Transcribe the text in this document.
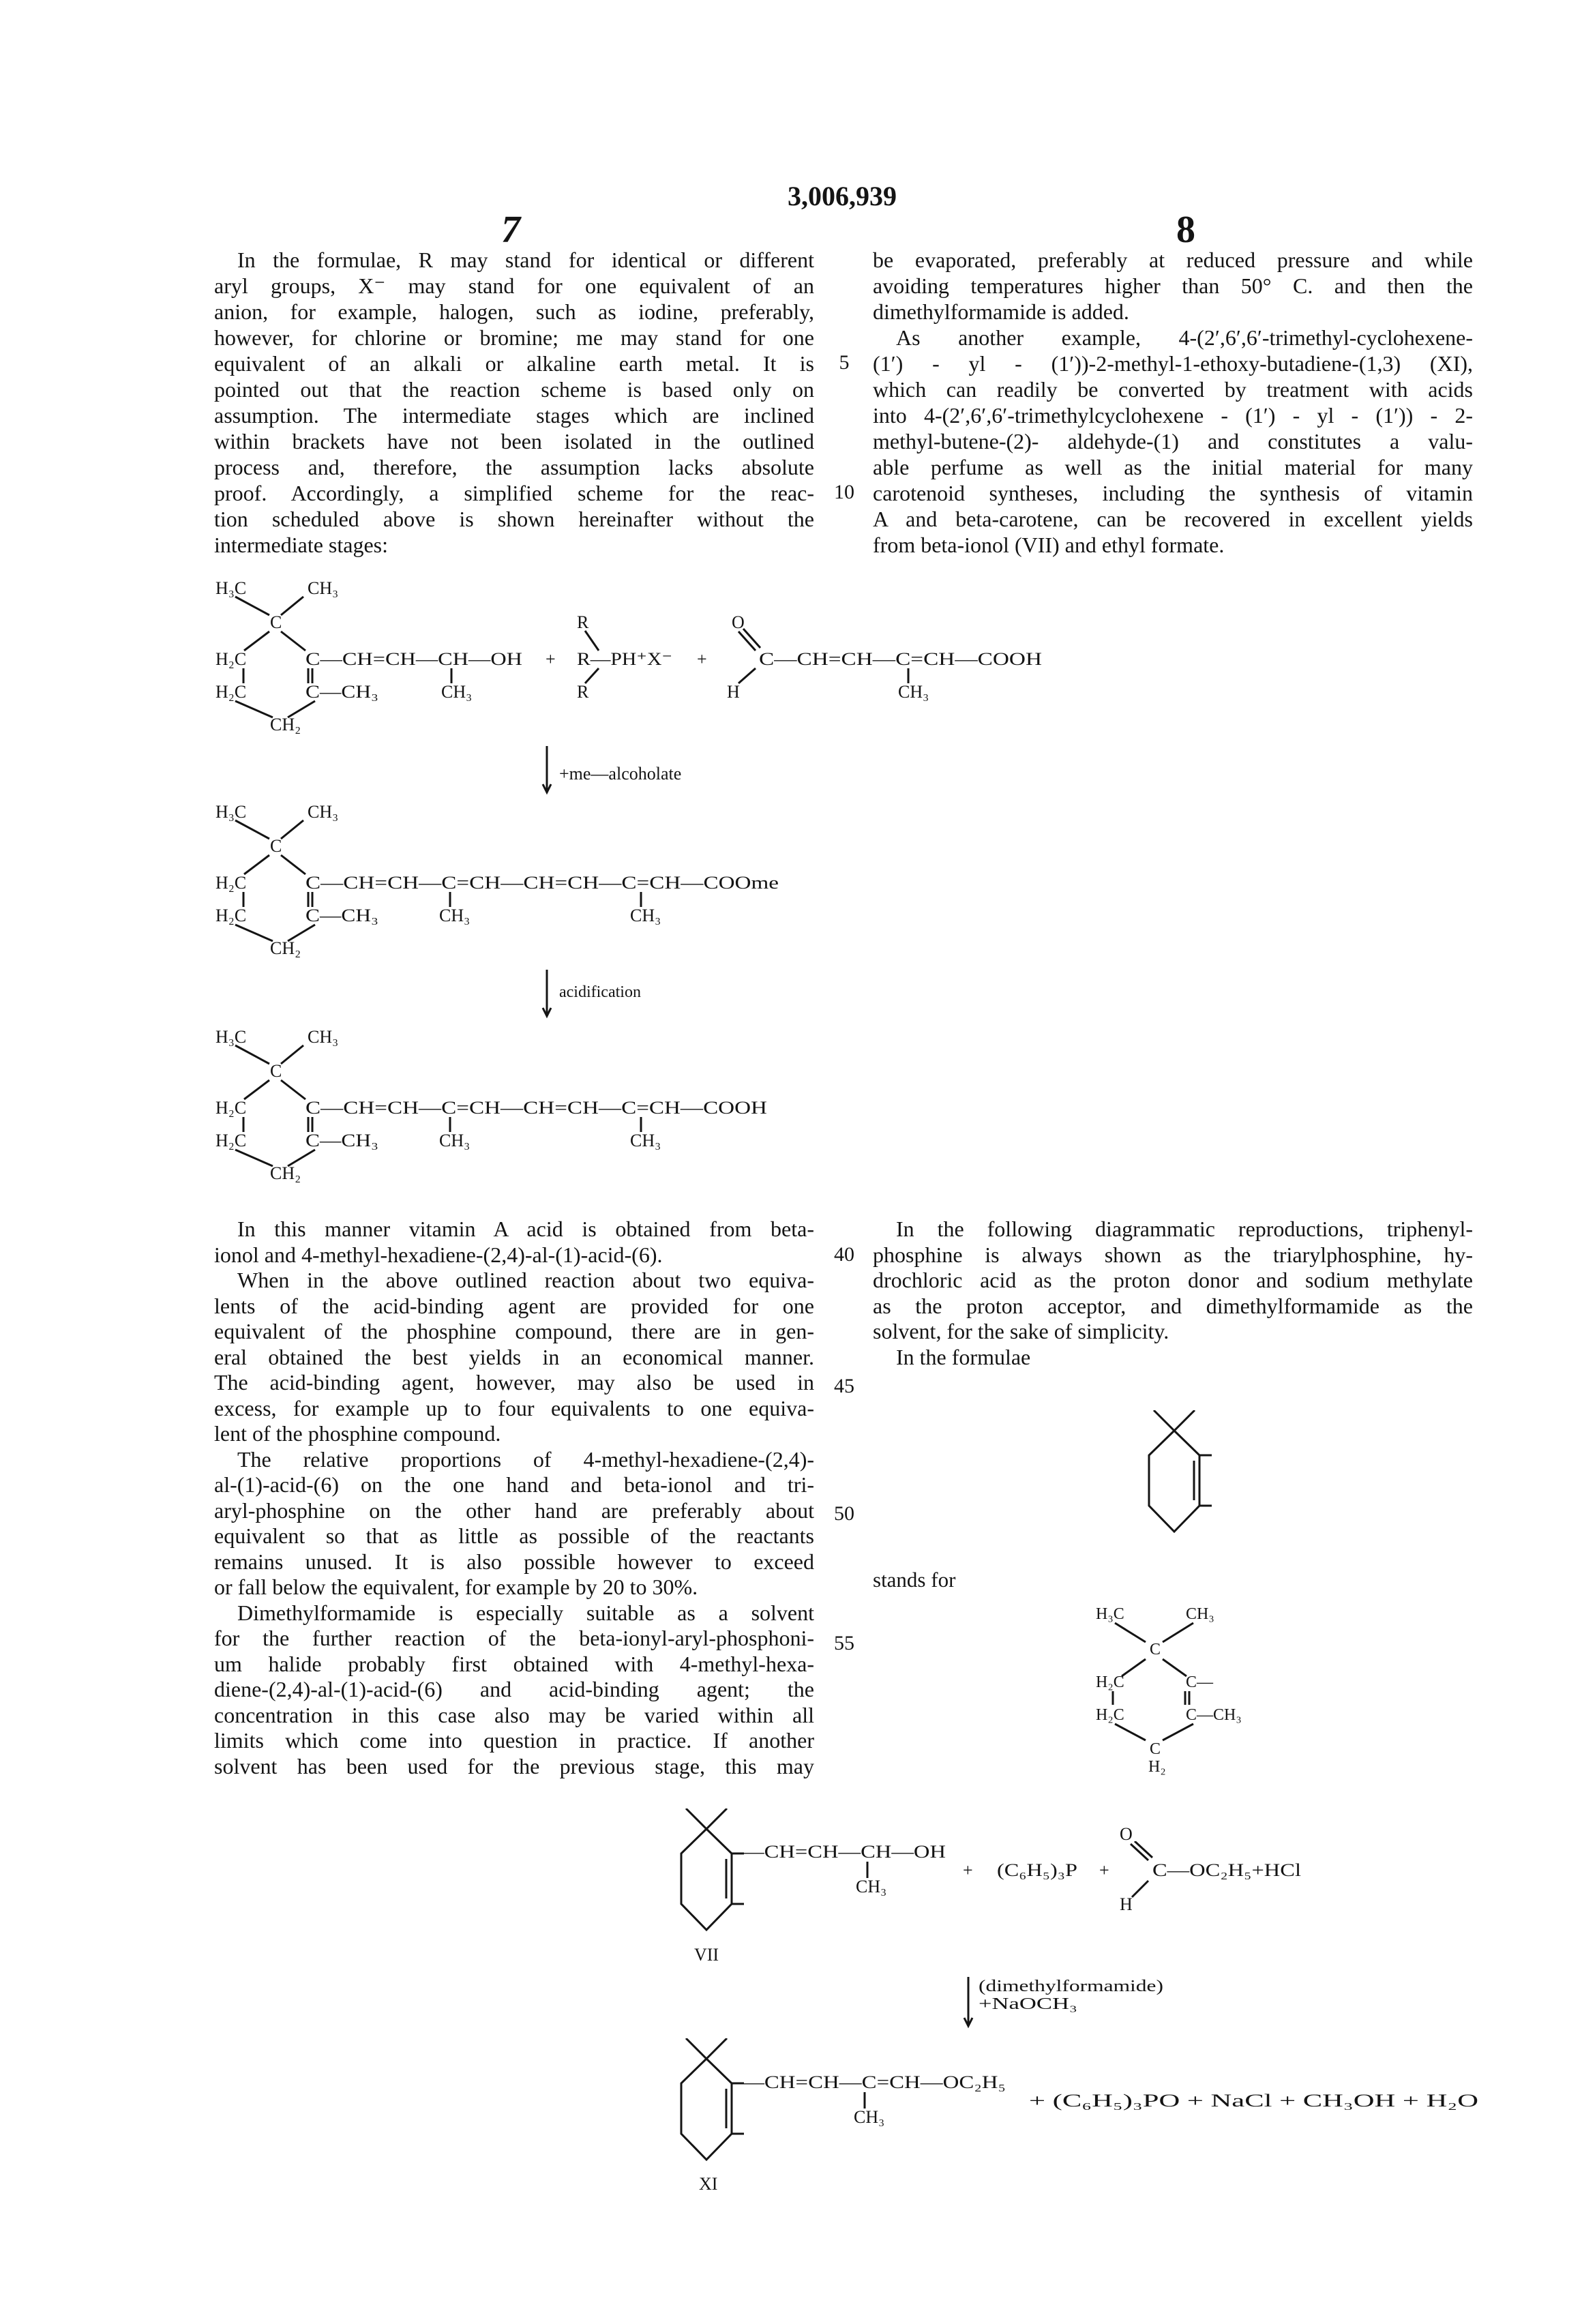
3,006,939
7	8
In the formulae, R may stand for identical or different
aryl groups, X⁻ may stand for one equivalent of an
anion, for example, halogen, such as iodine, preferably,
however, for chlorine or bromine; me may stand for one
equivalent of an alkali or alkaline earth metal. It is
pointed out that the reaction scheme is based only on
assumption. The intermediate stages which are inclined
within brackets have not been isolated in the outlined
process and, therefore, the assumption lacks absolute
proof. Accordingly, a simplified scheme for the reac-
tion scheduled above is shown hereinafter without the
intermediate stages:
be evaporated, preferably at reduced pressure and while
avoiding temperatures higher than 50° C. and then the
dimethylformamide is added.
As another example, 4-(2′,6′,6′-trimethyl-cyclohexene-
(1′) - yl - (1′))-2-methyl-1-ethoxy-butadiene-(1,3) (XI),
which can readily be converted by treatment with acids
into 4-(2′,6′,6′-trimethylcyclohexene - (1′) - yl - (1′)) - 2-
methyl-butene-(2)- aldehyde-(1) and constitutes a valu-
able perfume as well as the initial material for many
carotenoid syntheses, including the synthesis of vitamin
A and beta-carotene, can be recovered in excellent yields
from beta-ionol (VII) and ethyl formate.
In this manner vitamin A acid is obtained from beta-
ionol and 4-methyl-hexadiene-(2,4)-al-(1)-acid-(6).
When in the above outlined reaction about two equiva-
lents of the acid-binding agent are provided for one
equivalent of the phosphine compound, there are in gen-
eral obtained the best yields in an economical manner.
The acid-binding agent, however, may also be used in
excess, for example up to four equivalents to one equiva-
lent of the phosphine compound.
The relative proportions of 4-methyl-hexadiene-(2,4)-
al-(1)-acid-(6) on the one hand and beta-ionol and tri-
aryl-phosphine on the other hand are preferably about
equivalent so that as little as possible of the reactants
remains unused. It is also possible however to exceed
or fall below the equivalent, for example by 20 to 30%.
Dimethylformamide is especially suitable as a solvent
for the further reaction of the beta-ionyl-aryl-phosphoni-
um halide probably first obtained with 4-methyl-hexa-
diene-(2,4)-al-(1)-acid-(6) and acid-binding agent; the
concentration in this case also may be varied within all
limits which come into question in practice. If another
solvent has been used for the previous stage, this may
In the following diagrammatic reproductions, triphenyl-
phosphine is always shown as the triarylphosphine, hy-
drochloric acid as the proton donor and sodium methylate
as the proton acceptor, and dimethylformamide as the
solvent, for the sake of simplicity.
In the formulae
5
10
40
45
50
55
H₃C	CH₃
C
H₂C	C—CH=CH—CH—OH
H₂C	C—CH₃	CH₃
CH₂
+
R
R—PH⁺X⁻
R
+
O
C—CH=CH—C=CH—COOH
H	CH₃
+me—alcoholate
H₃C	CH₃
C
H₂C	C—CH=CH—C=CH—CH=CH—C=CH—COOme
H₂C	C—CH₃	CH₃	CH₃
CH₂
acidification
H₃C	CH₃
C
H₂C	C—CH=CH—C=CH—CH=CH—C=CH—COOH
H₂C	C—CH₃	CH₃	CH₃
CH₂
stands for
H₃C	CH₃
C
H₂C	C—
H₂C	C—CH₃
C
H₂
—CH=CH—CH—OH
CH₃
+ (C₆H₅)₃P +
O
C—OC₂H₅+HCl
H
VII
(dimethylformamide)
+NaOCH₃
—CH=CH—C=CH—OC₂H₅
CH₃
+ (C₆H₅)₃PO + NaCl + CH₃OH + H₂O
XI
